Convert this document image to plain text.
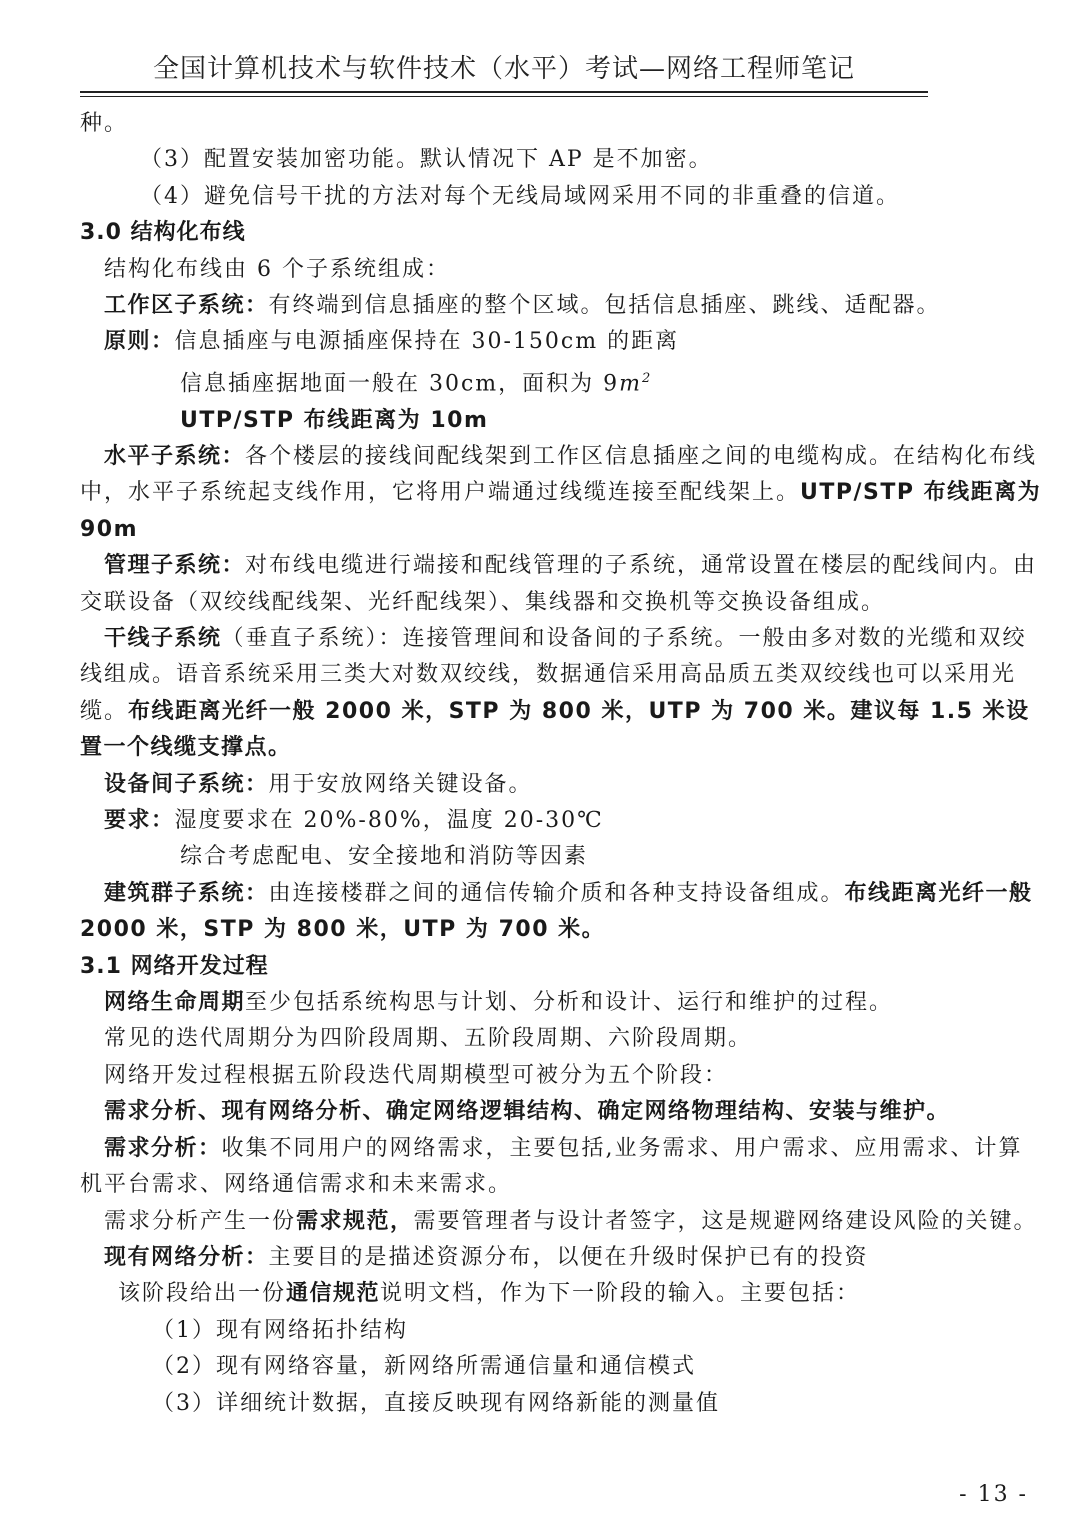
全国计算机技术与软件技术（水平）考试—网络工程师笔记

种。

（3）配置安装加密功能。默认情况下 AP 是不加密。

（4）避免信号干扰的方法对每个无线局域网采用不同的非重叠的信道。

3.0 结构化布线

结构化布线由 6 个子系统组成：

工作区子系统：有终端到信息插座的整个区域。包括信息插座、跳线、适配器。

原则：信息插座与电源插座保持在 30-150cm 的距离

信息插座据地面一般在 30cm，面积为 $9m^2$

UTP/STP 布线距离为 10m

水平子系统：各个楼层的接线间配线架到工作区信息插座之间的电缆构成。在结构化布线中，水平子系统起支线作用，它将用户端通过线缆连接至配线架上。UTP/STP 布线距离为 90m

管理子系统：对布线电缆进行端接和配线管理的子系统，通常设置在楼层的配线间内。由交联设备（双绞线配线架、光纤配线架）、集线器和交换机等交换设备组成。

干线子系统（垂直子系统）：连接管理间和设备间的子系统。一般由多对数的光缆和双绞线组成。语音系统采用三类大对数双绞线，数据通信采用高品质五类双绞线也可以采用光缆。布线距离光纤一般 2000 米，STP 为 800 米，UTP 为 700 米。建议每 1.5 米设置一个线缆支撑点。

设备间子系统：用于安放网络关键设备。

要求：湿度要求在 20%-80%，温度 20-30℃

综合考虑配电、安全接地和消防等因素

建筑群子系统：由连接楼群之间的通信传输介质和各种支持设备组成。布线距离光纤一般 2000 米，STP 为 800 米，UTP 为 700 米。

3.1 网络开发过程

网络生命周期至少包括系统构思与计划、分析和设计、运行和维护的过程。

常见的迭代周期分为四阶段周期、五阶段周期、六阶段周期。

网络开发过程根据五阶段迭代周期模型可被分为五个阶段：

需求分析、现有网络分析、确定网络逻辑结构、确定网络物理结构、安装与维护。

需求分析：收集不同用户的网络需求，主要包括,业务需求、用户需求、应用需求、计算机平台需求、网络通信需求和未来需求。

需求分析产生一份需求规范，需要管理者与设计者签字，这是规避网络建设风险的关键。

现有网络分析：主要目的是描述资源分布，以便在升级时保护已有的投资

该阶段给出一份通信规范说明文档，作为下一阶段的输入。主要包括：

（1）现有网络拓扑结构

（2）现有网络容量，新网络所需通信量和通信模式

（3）详细统计数据，直接反映现有网络新能的测量值

- 13 -
